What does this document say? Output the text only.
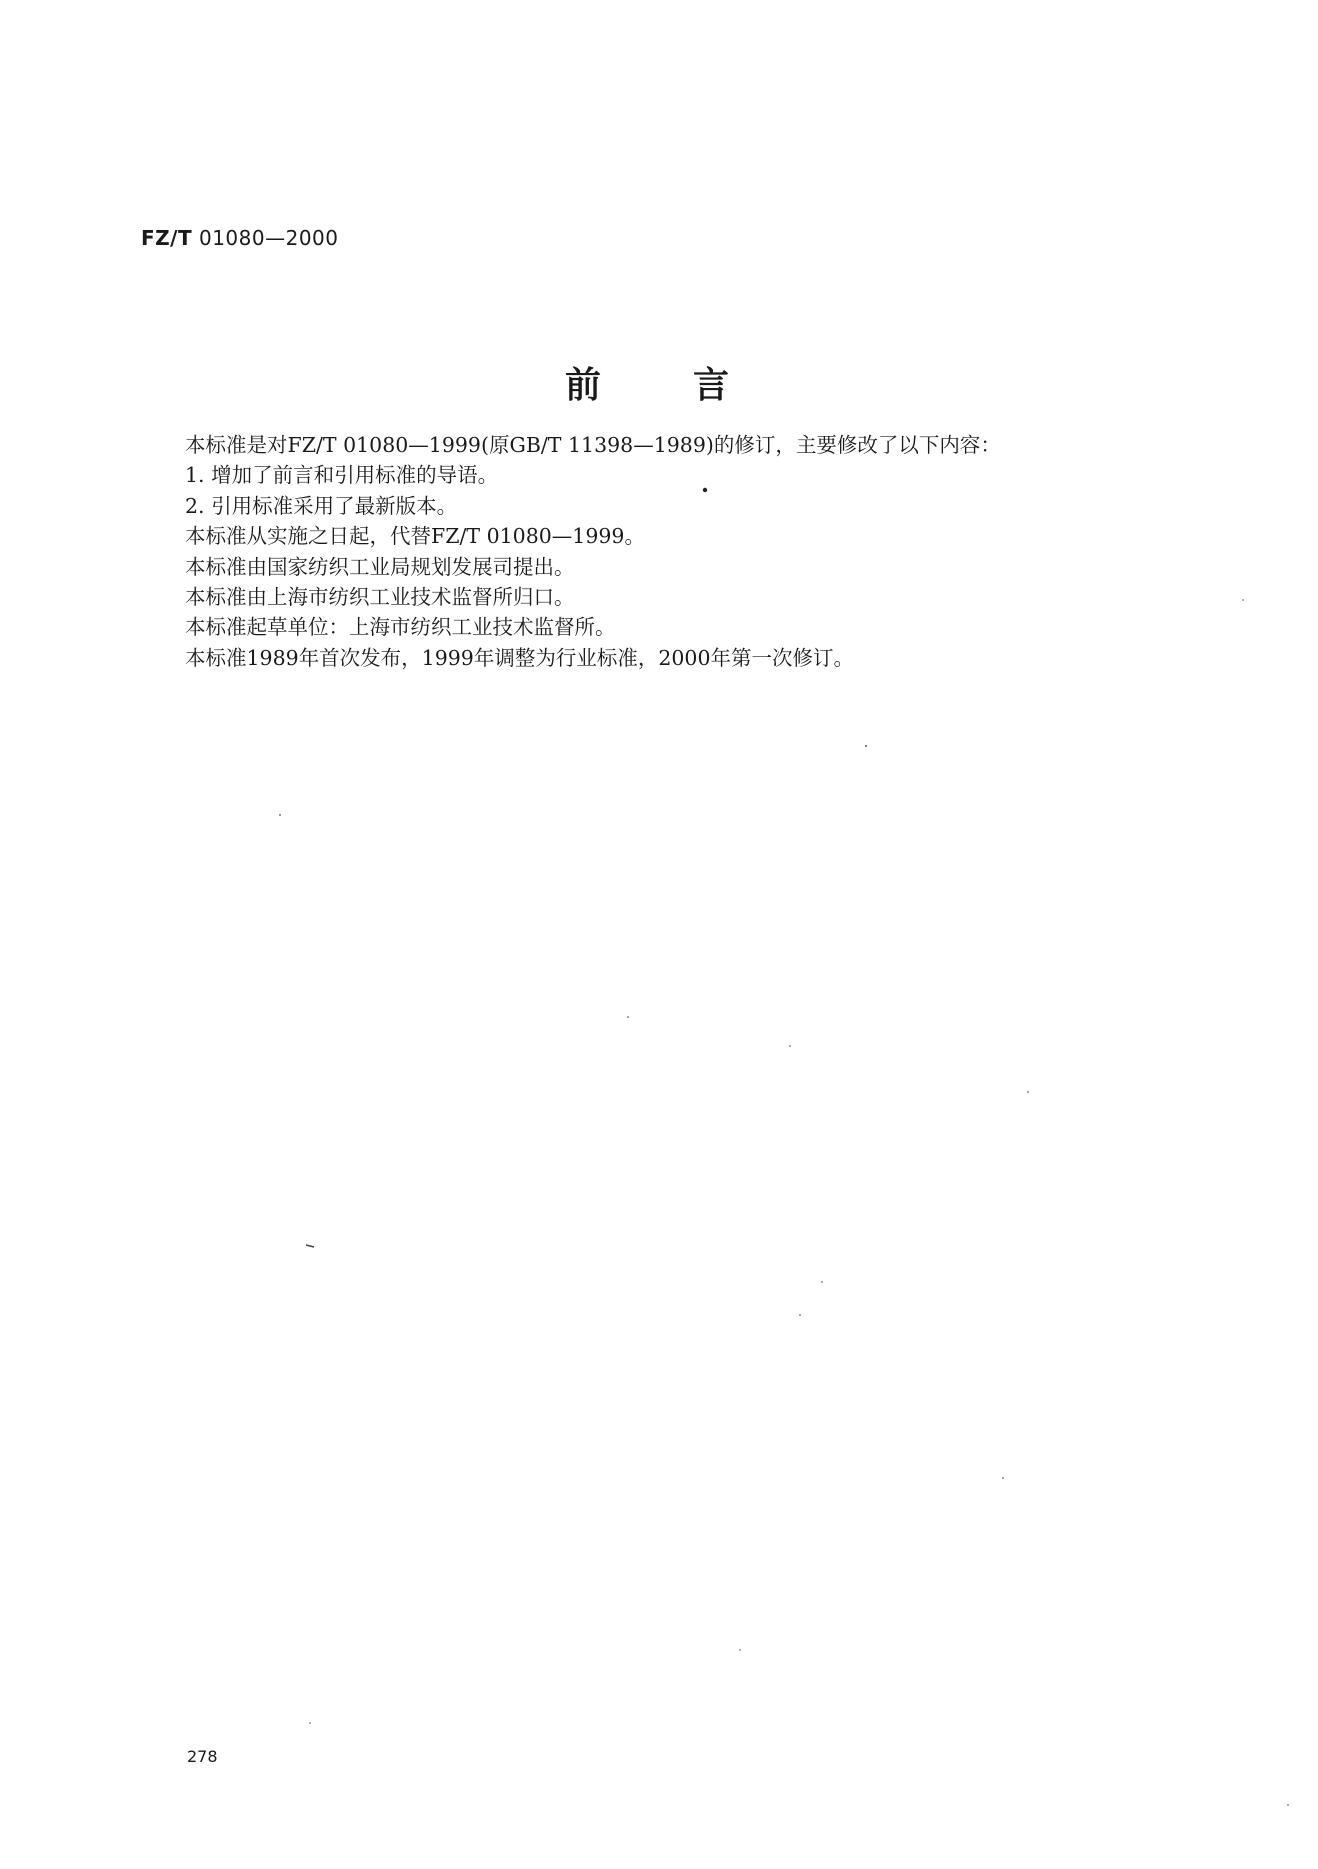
FZ/T 01080—2000
前言

本标准是对FZ/T 01080—1999(原GB/T 11398—1989)的修订，主要修改了以下内容：

1. 增加了前言和引用标准的导语。

2. 引用标准采用了最新版本。

本标准从实施之日起，代替FZ/T 01080—1999。

本标准由国家纺织工业局规划发展司提出。

本标准由上海市纺织工业技术监督所归口。

本标准起草单位：上海市纺织工业技术监督所。

本标准1989年首次发布，1999年调整为行业标准，2000年第一次修订。

278
